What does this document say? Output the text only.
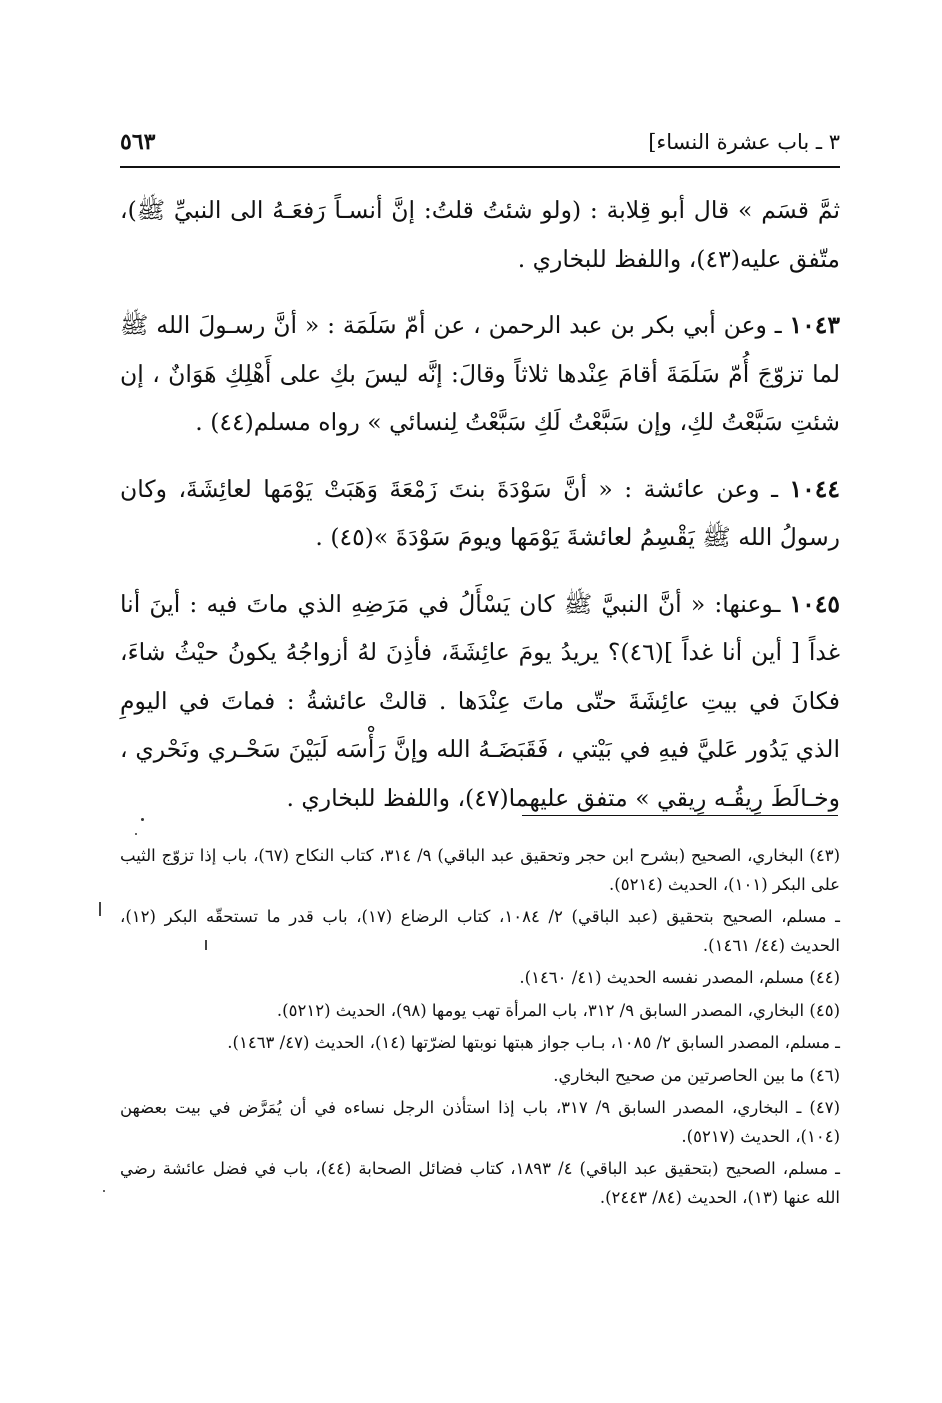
٣ ـ باب عشرة النساء]
٥٦٣

ثمَّ قسَم » قال أبو قِلابة : (ولو شئتُ قلتُ: إنَّ أنسـاً رَفعَـهُ الى النبيِّ ﷺ)، متّفق عليه(٤٣)، واللفظ للبخاري .

١٠٤٣ ـ وعن أبي بكر بن عبد الرحمن ، عن أمّ سَلَمَة : « أنَّ رسـولَ الله ﷺ لما تزوّجَ أُمّ سَلَمَةَ أقامَ عِنْدها ثلاثاً وقالَ: إنَّه ليسَ بكِ على أَهْلِكِ هَوَانٌ ، إن شئتِ سَبَّعْتُ لكِ، وإن سَبَّعْتُ لَكِ سَبَّعْتُ لِنسائي » رواه مسلم(٤٤) .

١٠٤٤ ـ وعن عائشة : « أنَّ سَوْدَةَ بنتَ زَمْعَةَ وَهَبَتْ يَوْمَها لعائِشَةَ، وكان رسولُ الله ﷺ يَقْسِمُ لعائشةَ يَوْمَها ويومَ سَوْدَةَ »(٤٥) .

١٠٤٥ ـوعنها: « أنَّ النبيَّ ﷺ كان يَسْأَلُ في مَرَضِهِ الذي ماتَ فيه : أينَ أنا غداً [ أين أنا غداً ](٤٦)؟ يريدُ يومَ عائِشَةَ، فأذِنَ لهُ أزواجُهُ يكونُ حيْثُ شاءَ، فكانَ في بيتِ عائِشَةَ حتّى ماتَ عِنْدَها . قالتْ عائشةُ : فماتَ في اليومِ الذي يَدُور عَليَّ فيهِ في بَيْتي ، فَقَبَضَـهُ الله وإنَّ رَأْسَه لَبَيْنَ سَحْـري ونَحْري ، وخـالَطَ رِيقُـه رِيقي » متفق عليهما(٤٧)، واللفظ للبخاري .

(٤٣) البخاري، الصحيح (بشرح ابن حجر وتحقيق عبد الباقي) ٩/ ٣١٤، كتاب النكاح (٦٧)، باب إذا تزوّج الثيب على البكر (١٠١)، الحديث (٥٢١٤).

ـ مسلم، الصحيح بتحقيق (عبد الباقي) ٢/ ١٠٨٤، كتاب الرضاع (١٧)، باب قدر ما تستحقّه البكر (١٢)، الحديث (٤٤/ ١٤٦١).

(٤٤) مسلم، المصدر نفسه الحديث (٤١/ ١٤٦٠).

(٤٥) البخاري، المصدر السابق ٩/ ٣١٢، باب المرأة تهب يومها (٩٨)، الحديث (٥٢١٢).

ـ مسلم، المصدر السابق ٢/ ١٠٨٥، بـاب جواز هبتها نوبتها لضرّتها (١٤)، الحديث (٤٧/ ١٤٦٣).

(٤٦) ما بين الحاصرتين من صحيح البخاري.

(٤٧) ـ البخاري، المصدر السابق ٩/ ٣١٧، باب إذا استأذن الرجل نساءه في أن يُمَرَّض في بيت بعضهن (١٠٤)، الحديث (٥٢١٧).

ـ مسلم، الصحيح (بتحقيق عبد الباقي) ٤/ ١٨٩٣، كتاب فضائل الصحابة (٤٤)، باب في فضل عائشة رضي الله عنها (١٣)، الحديث (٨٤/ ٢٤٤٣).
